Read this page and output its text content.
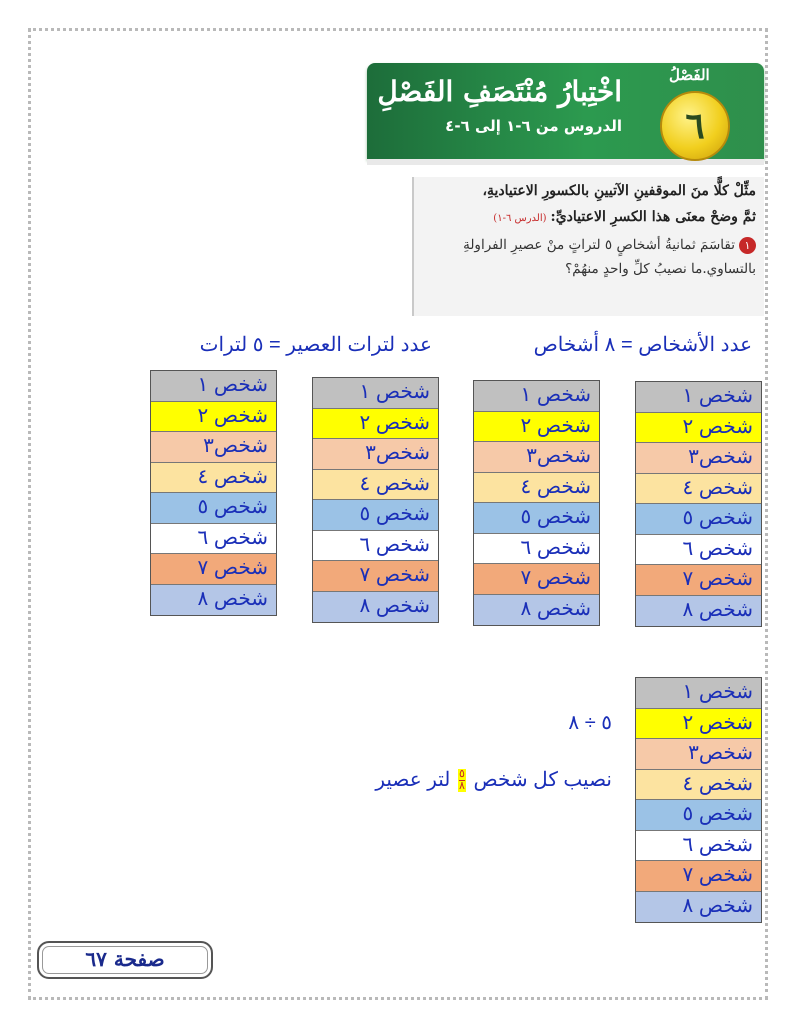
اخْتِبارُ مُنْتَصَفِ الفَصْلِ
الدروس من ٦-١ إلى ٦-٤
الفَصْلُ
٦
مثِّلْ كلًّا منَ الموقفينِ الآتيينِ بالكسورِ الاعتياديةِ،
ثمَّ وضحْ معنَى هذا الكسرِ الاعتياديِّ:(الدرس ٦-١)
١تقاسَمَ ثمانيةُ أشخاصٍ ٥ لتراتٍ منْ عصيرِ الفراولةِ بالتساوي.ما نصيبُ كلِّ واحدٍ منهُمْ؟
عدد الأشخاص = ٨ أشخاص
عدد لترات العصير = ٥ لترات
شخص ١
شخص ٢
شخص٣
شخص ٤
شخص ٥
شخص ٦
شخص ٧
شخص ٨
شخص ١
شخص ٢
شخص٣
شخص ٤
شخص ٥
شخص ٦
شخص ٧
شخص ٨
شخص ١
شخص ٢
شخص٣
شخص ٤
شخص ٥
شخص ٦
شخص ٧
شخص ٨
شخص ١
شخص ٢
شخص٣
شخص ٤
شخص ٥
شخص ٦
شخص ٧
شخص ٨
شخص ١
شخص ٢
شخص٣
شخص ٤
شخص ٥
شخص ٦
شخص ٧
شخص ٨
٥ ÷ ٨
نصيب كل شخص
$\frac{٥}{٨}$
لتر عصير
صفحة ٦٧
